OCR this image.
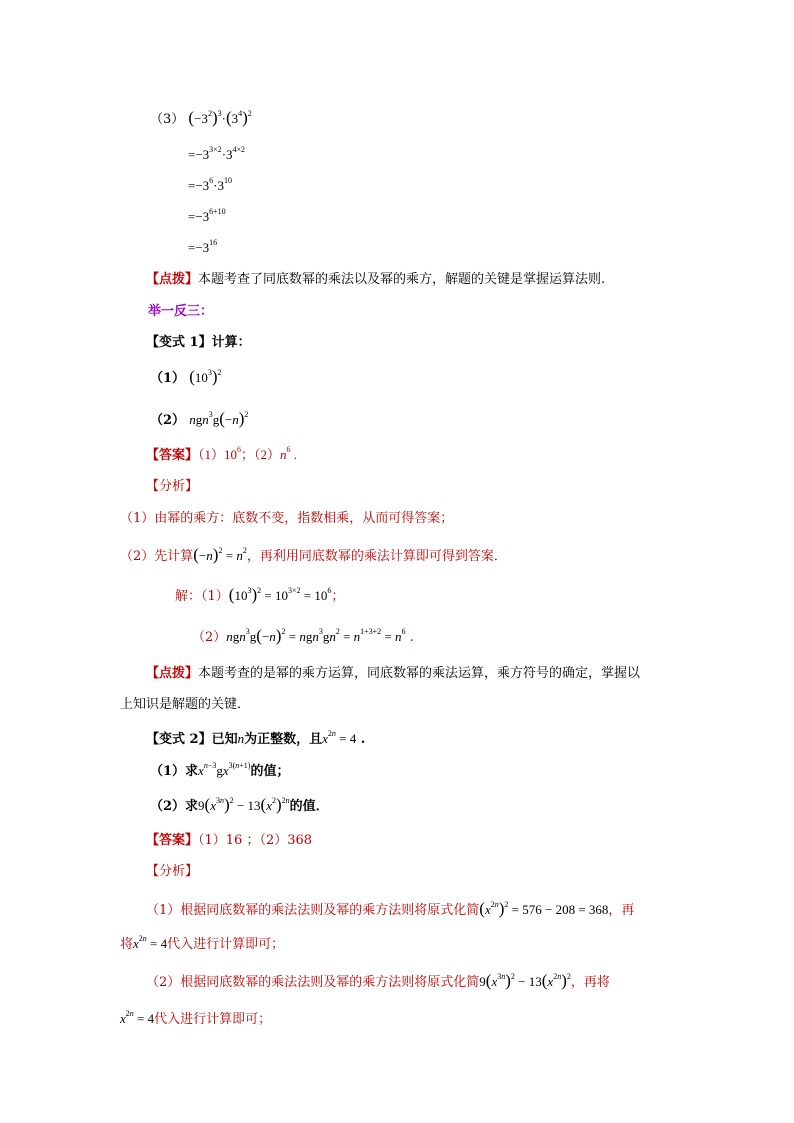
（3） $(-3^2)^3\cdot(3^4)^2$
$=-3^{3\times 2}\cdot 3^{4\times 2}$
$=-3^6\cdot 3^{10}$
$=-3^{6+10}$
$=-3^{16}$
【点拨】本题考查了同底数幂的乘法以及幂的乘方，解题的关键是掌握运算法则.
举一反三：
【变式 1】计算：
（1） $(10^3)^2$
（2） $ngn^3g(-n)^2$
【答案】$(1)10^6$；$(2)n^6$ .
【分析】
（1）由幂的乘方：底数不变，指数相乘，从而可得答案；
（2）先计算$(-n)^2 = n^2$，再利用同底数幂的乘法计算即可得到答案．
解：$(1)(10^3)^2 = 10^{3\times 2} = 10^6$；
$(2)ngn^3g(-n)^2 = ngn^3gn^2 = n^{1+3+2} = n^6$ .
【点拨】本题考查的是幂的乘方运算，同底数幂的乘法运算，乘方符号的确定，掌握以
上知识是解题的关键．
【变式 2】已知n为正整数，且$x^{2n} = 4$ .
（1）求$x^{n-3}gx^{3(n+1)}$的值；
（2）求$9(x^{3n})^2 - 13(x^2)^{2n}$的值．
【答案】（1）16 ；（2）368
【分析】
（1）根据同底数幂的乘法法则及幂的乘方法则将原式化简$(x^{2n})^2 = 576 - 208 = 368$，再
将$x^{2n} = 4$代入进行计算即可；
（2）根据同底数幂的乘法法则及幂的乘方法则将原式化简$9(x^{3n})^2 - 13(x^{2n})^2$，再将
$x^{2n} = 4$代入进行计算即可；
